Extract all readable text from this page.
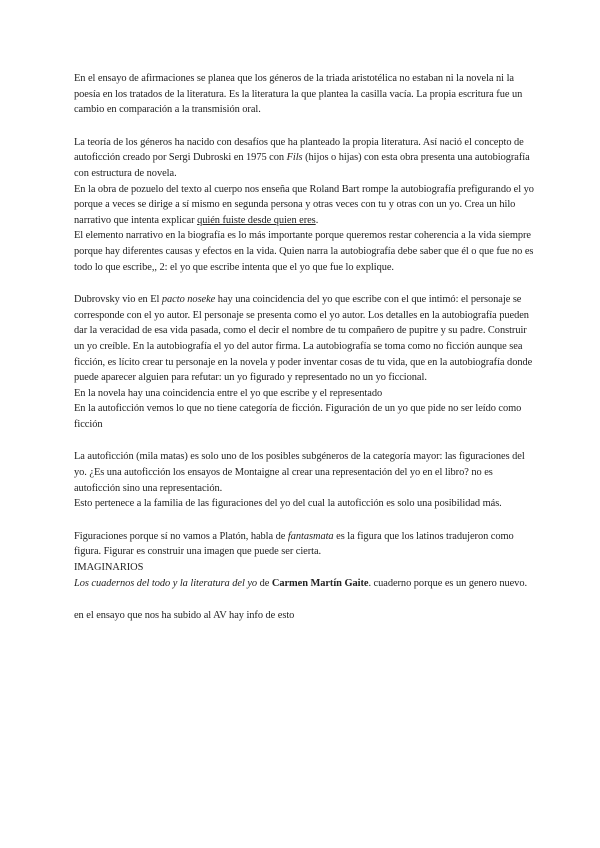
En el ensayo de afirmaciones se planea que los géneros de la triada aristotélica no estaban ni la novela ni la poesía en los tratados de la literatura. Es la literatura la que plantea la casilla vacía. La propia escritura fue un cambio en comparación a la transmisión oral.

La teoría de los géneros ha nacido con desafíos que ha planteado la propia literatura. Así nació el concepto de autoficción creado por Sergi Dubroski en 1975 con Fils (hijos o hijas) con esta obra presenta una autobiografía con estructura de novela.

En la obra de pozuelo del texto al cuerpo nos enseña que Roland Bart rompe la autobiografía prefigurando el yo porque a veces se dirige a sí mismo en segunda persona y otras veces con tu y otras con un yo. Crea un hilo narrativo que intenta explicar quién fuiste desde quien eres.

El elemento narrativo en la biografía es lo más importante porque queremos restar coherencia a la vida siempre porque hay diferentes causas y efectos en la vida. Quien narra la autobiografía debe saber que él o que fue no es todo lo que escribe,, 2: el yo que escribe intenta que el yo que fue lo explique.

Dubrovsky vio en El pacto noseke hay una coincidencia del yo que escribe con el que intimó: el personaje se corresponde con el yo autor. El personaje se presenta como el yo autor. Los detalles en la autobiografía pueden dar la veracidad de esa vida pasada, como el decir el nombre de tu compañero de pupitre y su padre. Construir un yo creíble. En la autobiografía el yo del autor firma. La autobiografía se toma como no ficción aunque sea ficción, es lícito crear tu personaje en la novela y poder inventar cosas de tu vida, que en la autobiografía donde puede aparecer alguien para refutar: un yo figurado y representado no un yo ficcional.

En la novela hay una coincidencia entre el yo que escribe y el representado

En la autoficción vemos lo que no tiene categoría de ficción. Figuración de un yo que pide no ser leído como ficción

La autoficción (mila matas) es solo uno de los posibles subgéneros de la categoría mayor: las figuraciones del yo. ¿Es una autoficción los ensayos de Montaigne al crear una representación del yo en el libro? no es autoficción sino una representación.

Esto pertenece a la familia de las figuraciones del yo del cual la autoficción es solo una posibilidad más.

Figuraciones porque sí no vamos a Platón, habla de fantasmata es la figura que los latinos tradujeron como figura. Figurar es construir una imagen que puede ser cierta.

IMAGINARIOS

Los cuadernos del todo y la literatura del yo de Carmen Martín Gaite. cuaderno porque es un genero nuevo.

en el ensayo que nos ha subido al AV hay info de esto
